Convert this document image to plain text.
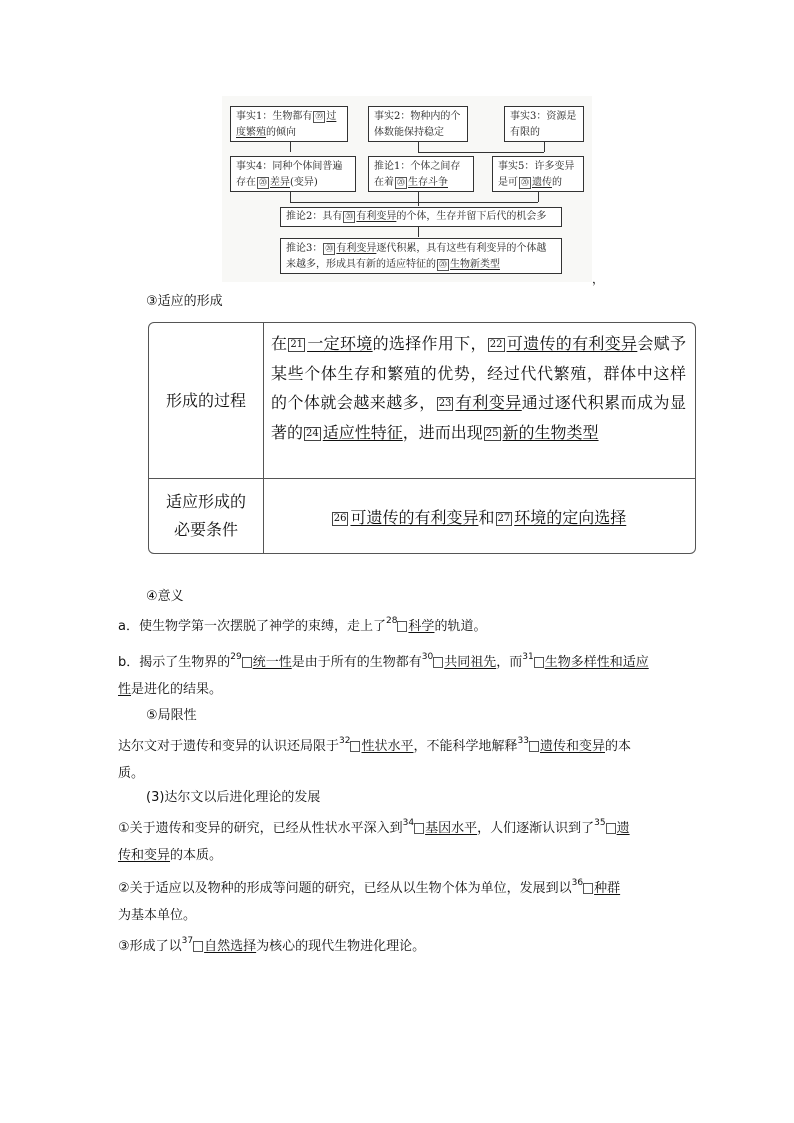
事实1：生物都有 ⑲ 过度繁殖的倾向
事实2：物种内的个体数能保持稳定
事实3：资源是有限的
事实4：同种个体间普遍存在 ⑳ 差异(变异)
推论1：个体之间存在着 ⑳ 生存斗争
事实5：许多变异是可 ⑳ 遗传的
推论2：具有 ⑳ 有利变异的个体，生存并留下后代的机会多
推论3： ⑳ 有利变异逐代积累，具有这些有利变异的个体越来越多，形成具有新的适应特征的 ⑳ 生物新类型
，
③适应的形成
形成的过程
在 21 一定环境的选择作用下， 22 可遗传的有利变异会赋予某些个体生存和繁殖的优势，经过代代繁殖，群体中这样的个体就会越来越多， 23 有利变异通过逐代积累而成为显著的 24 适应性特征，进而出现 25 新的生物类型
适应形成的必要条件
26 可遗传的有利变异和 27 环境的定向选择
④意义
a．使生物学第一次摆脱了神学的束缚，走上了$^{28}$ 科学的轨道。
b．揭示了生物界的$^{29}$ 统一性是由于所有的生物都有$^{30}$ 共同祖先，而$^{31}$ 生物多样性和适应
性是进化的结果。
⑤局限性
达尔文对于遗传和变异的认识还局限于$^{32}$ 性状水平，不能科学地解释$^{33}$ 遗传和变异的本
质。
(3)达尔文以后进化理论的发展
①关于遗传和变异的研究，已经从性状水平深入到$^{34}$ 基因水平，人们逐渐认识到了$^{35}$ 遗
传和变异的本质。
②关于适应以及物种的形成等问题的研究，已经从以生物个体为单位，发展到以$^{36}$ 种群
为基本单位。
③形成了以$^{37}$ 自然选择为核心的现代生物进化理论。
